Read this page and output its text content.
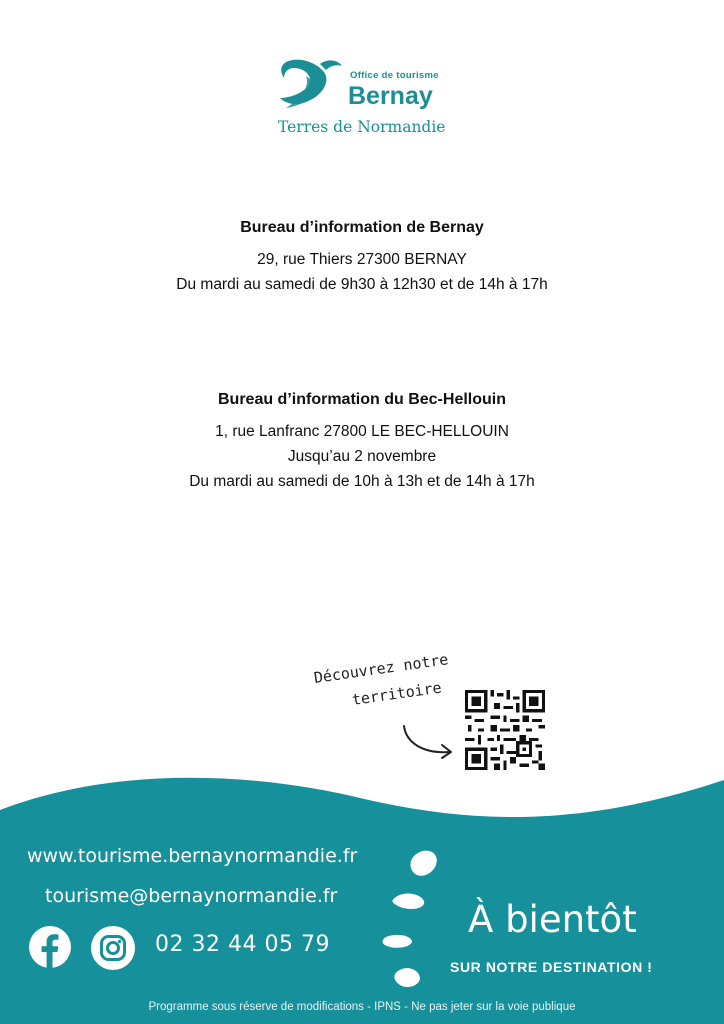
Office de tourisme
Bernay
Terres de Normandie
Bureau d’information de Bernay

29, rue Thiers 27300 BERNAY

Du mardi au samedi de 9h30 à 12h30 et de 14h à 17h

Bureau d’information du Bec-Hellouin

1, rue Lanfranc 27800 LE BEC-HELLOUIN

Jusqu’au 2 novembre

Du mardi au samedi de 10h à 13h et de 14h à 17h

Découvrez notre
territoire
www.tourisme.bernaynormandie.fr
tourisme@bernaynormandie.fr
02 32 44 05 79
À bientôt
SUR NOTRE DESTINATION !
Programme sous réserve de modifications - IPNS - Ne pas jeter sur la voie publique
